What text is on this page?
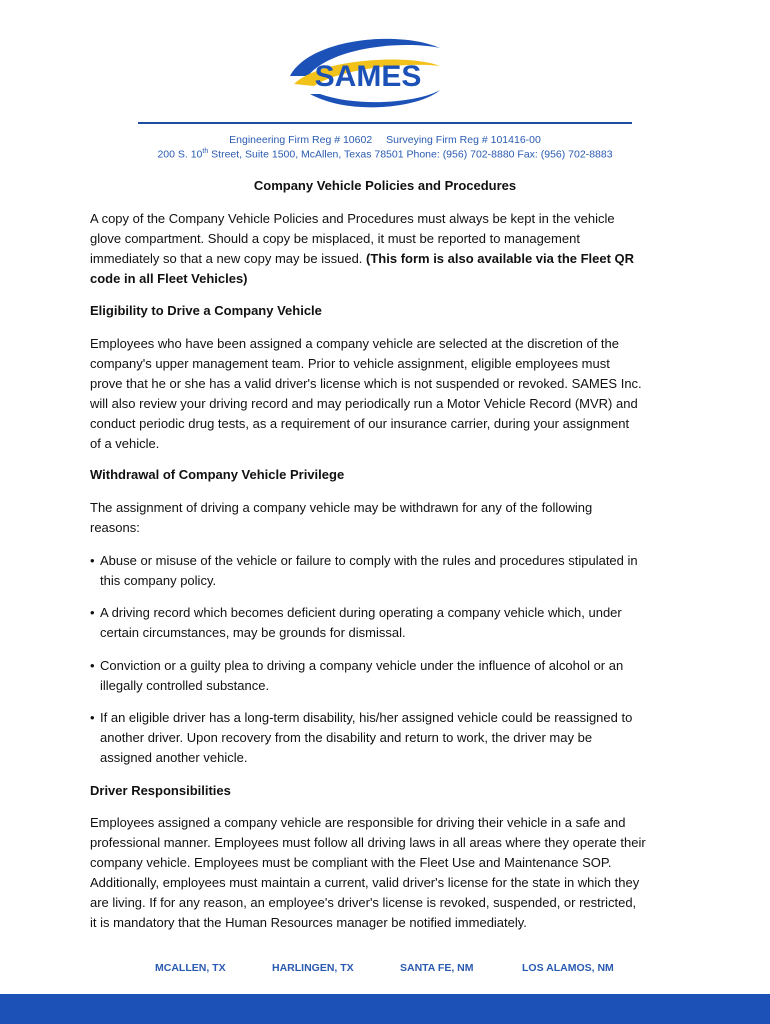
SAMES
Engineering Firm Reg # 10602 Surveying Firm Reg # 101416-00
200 S. 10th Street, Suite 1500, McAllen, Texas 78501 Phone: (956) 702-8880 Fax: (956) 702-8883
Company Vehicle Policies and Procedures
A copy of the Company Vehicle Policies and Procedures must always be kept in the vehicle
glove compartment. Should a copy be misplaced, it must be reported to management
immediately so that a new copy may be issued. (This form is also available via the Fleet QR
code in all Fleet Vehicles)
Eligibility to Drive a Company Vehicle
Employees who have been assigned a company vehicle are selected at the discretion of the
company's upper management team. Prior to vehicle assignment, eligible employees must
prove that he or she has a valid driver's license which is not suspended or revoked. SAMES Inc.
will also review your driving record and may periodically run a Motor Vehicle Record (MVR) and
conduct periodic drug tests, as a requirement of our insurance carrier, during your assignment
of a vehicle.
Withdrawal of Company Vehicle Privilege
The assignment of driving a company vehicle may be withdrawn for any of the following
reasons:
• Abuse or misuse of the vehicle or failure to comply with the rules and procedures stipulated in
this company policy.
• A driving record which becomes deficient during operating a company vehicle which, under
certain circumstances, may be grounds for dismissal.
• Conviction or a guilty plea to driving a company vehicle under the influence of alcohol or an
illegally controlled substance.
• If an eligible driver has a long-term disability, his/her assigned vehicle could be reassigned to
another driver. Upon recovery from the disability and return to work, the driver may be
assigned another vehicle.
Driver Responsibilities
Employees assigned a company vehicle are responsible for driving their vehicle in a safe and
professional manner. Employees must follow all driving laws in all areas where they operate their
company vehicle. Employees must be compliant with the Fleet Use and Maintenance SOP.
Additionally, employees must maintain a current, valid driver's license for the state in which they
are living. If for any reason, an employee's driver's license is revoked, suspended, or restricted,
it is mandatory that the Human Resources manager be notified immediately.
MCALLEN, TX	HARLINGEN, TX	SANTA FE, NM	LOS ALAMOS, NM
